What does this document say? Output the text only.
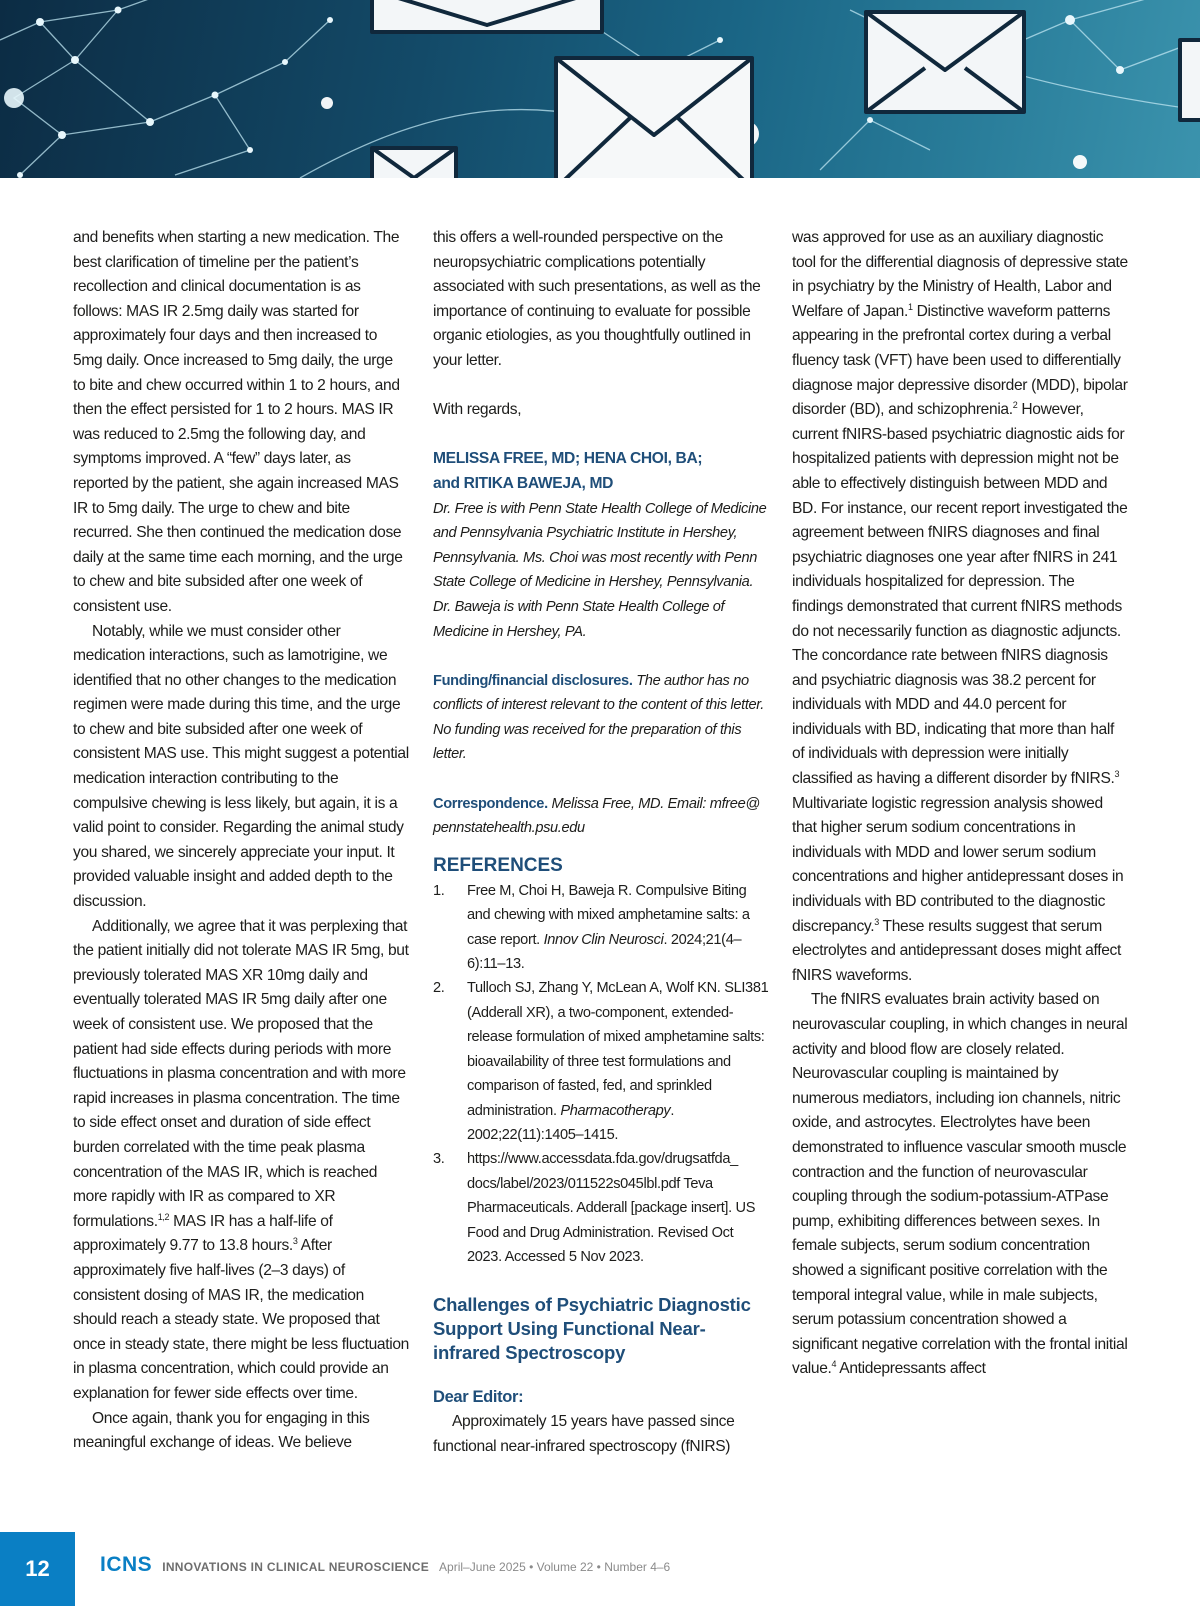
and benefits when starting a new medication. The best clarification of timeline per the patient’s recollection and clinical documentation is as follows: MAS IR 2.5mg daily was started for approximately four days and then increased to 5mg daily. Once increased to 5mg daily, the urge to bite and chew occurred within 1 to 2 hours, and then the effect persisted for 1 to 2 hours. MAS IR was reduced to 2.5mg the following day, and symptoms improved. A “few” days later, as reported by the patient, she again increased MAS IR to 5mg daily. The urge to chew and bite recurred. She then continued the medication dose daily at the same time each morning, and the urge to chew and bite subsided after one week of consistent use.

Notably, while we must consider other medication interactions, such as lamotrigine, we identified that no other changes to the medication regimen were made during this time, and the urge to chew and bite subsided after one week of consistent MAS use. This might suggest a potential medication interaction contributing to the compulsive chewing is less likely, but again, it is a valid point to consider. Regarding the animal study you shared, we sincerely appreciate your input. It provided valuable insight and added depth to the discussion.

Additionally, we agree that it was perplexing that the patient initially did not tolerate MAS IR 5mg, but previously tolerated MAS XR 10mg daily and eventually tolerated MAS IR 5mg daily after one week of consistent use. We proposed that the patient had side effects during periods with more fluctuations in plasma concentration and with more rapid increases in plasma concentration. The time to side effect onset and duration of side effect burden correlated with the time peak plasma concentration of the MAS IR, which is reached more rapidly with IR as compared to XR formulations.$^{1,2}$ MAS IR has a half-life of approximately 9.77 to 13.8 hours.$^3$ After approximately five half-lives (2–3 days) of consistent dosing of MAS IR, the medication should reach a steady state. We proposed that once in steady state, there might be less fluctuation in plasma concentration, which could provide an explanation for fewer side effects over time.

Once again, thank you for engaging in this meaningful exchange of ideas. We believe

this offers a well-rounded perspective on the neuropsychiatric complications potentially associated with such presentations, as well as the importance of continuing to evaluate for possible organic etiologies, as you thoughtfully outlined in your letter.

With regards,

MELISSA FREE, MD; HENA CHOI, BA;

and RITIKA BAWEJA, MD

Dr. Free is with Penn State Health College of Medicine and Pennsylvania Psychiatric Institute in Hershey, Pennsylvania. Ms. Choi was most recently with Penn State College of Medicine in Hershey, Pennsylvania. Dr. Baweja is with Penn State Health College of Medicine in Hershey, PA.

Funding/financial disclosures. The author has no conflicts of interest relevant to the content of this letter. No funding was received for the preparation of this letter.

Correspondence. Melissa Free, MD. Email: mfree@ pennstatehealth.psu.edu

REFERENCES

1.	Free M, Choi H, Baweja R. Compulsive Biting and chewing with mixed amphetamine salts: a case report. Innov Clin Neurosci. 2024;21(4–6):11–13.
2.	Tulloch SJ, Zhang Y, McLean A, Wolf KN. SLI381 (Adderall XR), a two-component, extended-release formulation of mixed amphetamine salts: bioavailability of three test formulations and comparison of fasted, fed, and sprinkled administration. Pharmacotherapy. 2002;22(11):1405–1415.
3.	https://www.accessdata.fda.gov/drugsatfda_ docs/label/2023/011522s045lbl.pdf Teva Pharmaceuticals. Adderall [package insert]. US Food and Drug Administration. Revised Oct 2023. Accessed 5 Nov 2023.

Challenges of Psychiatric Diagnostic Support Using Functional Near-infrared Spectroscopy

Dear Editor:

Approximately 15 years have passed since functional near-infrared spectroscopy (fNIRS)

was approved for use as an auxiliary diagnostic tool for the differential diagnosis of depressive state in psychiatry by the Ministry of Health, Labor and Welfare of Japan.$^1$ Distinctive waveform patterns appearing in the prefrontal cortex during a verbal fluency task (VFT) have been used to differentially diagnose major depressive disorder (MDD), bipolar disorder (BD), and schizophrenia.$^2$ However, current fNIRS-based psychiatric diagnostic aids for hospitalized patients with depression might not be able to effectively distinguish between MDD and BD. For instance, our recent report investigated the agreement between fNIRS diagnoses and final psychiatric diagnoses one year after fNIRS in 241 individuals hospitalized for depression. The findings demonstrated that current fNIRS methods do not necessarily function as diagnostic adjuncts. The concordance rate between fNIRS diagnosis and psychiatric diagnosis was 38.2 percent for individuals with MDD and 44.0 percent for individuals with BD, indicating that more than half of individuals with depression were initially classified as having a different disorder by fNIRS.$^3$ Multivariate logistic regression analysis showed that higher serum sodium concentrations in individuals with MDD and lower serum sodium concentrations and higher antidepressant doses in individuals with BD contributed to the diagnostic discrepancy.$^3$ These results suggest that serum electrolytes and antidepressant doses might affect fNIRS waveforms.

The fNIRS evaluates brain activity based on neurovascular coupling, in which changes in neural activity and blood flow are closely related. Neurovascular coupling is maintained by numerous mediators, including ion channels, nitric oxide, and astrocytes. Electrolytes have been demonstrated to influence vascular smooth muscle contraction and the function of neurovascular coupling through the sodium-potassium-ATPase pump, exhibiting differences between sexes. In female subjects, serum sodium concentration showed a significant positive correlation with the temporal integral value, while in male subjects, serum potassium concentration showed a significant negative correlation with the frontal initial value.$^4$ Antidepressants affect

12	ICNS INNOVATIONS IN CLINICAL NEUROSCIENCE April–June 2025 • Volume 22 • Number 4–6
